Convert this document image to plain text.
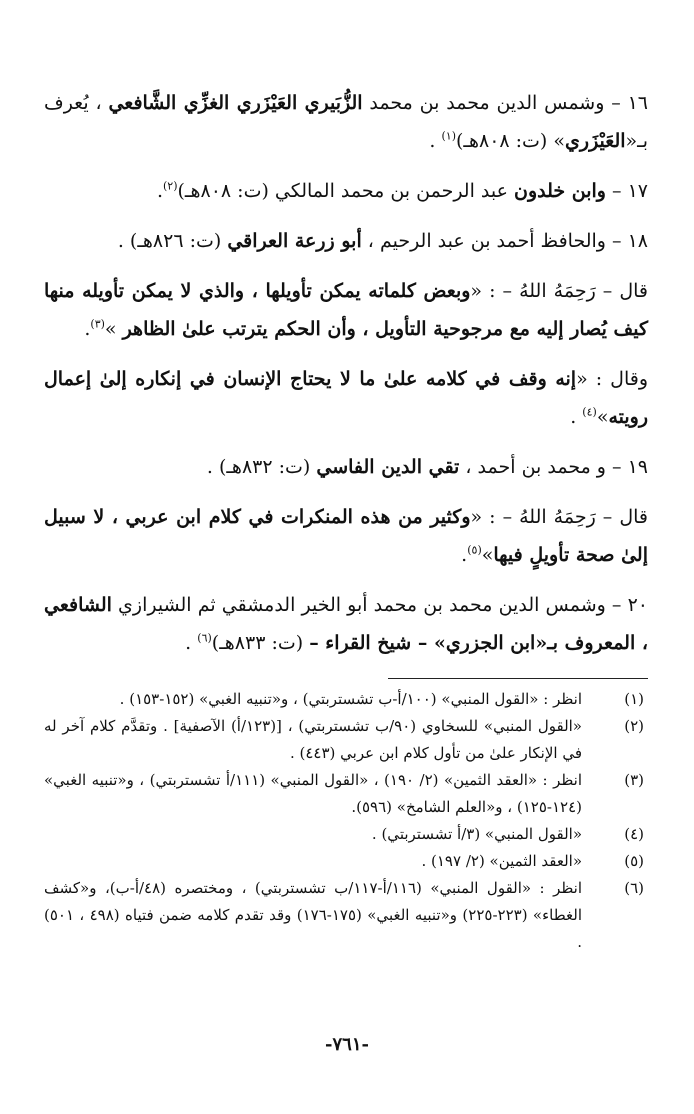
١٦ – وشمس الدين محمد بن محمد الزُّبَيري العَيْزَري الغزِّي الشَّافعي ، يُعرف بـ«العَيْزَري» (ت: ٨٠٨هـ)$^{(١)}$ .

١٧ – وابن خلدون عبد الرحمن بن محمد المالكي (ت: ٨٠٨هـ)$^{(٢)}$.

١٨ – والحافظ أحمد بن عبد الرحيم ، أبو زرعة العراقي (ت: ٨٢٦هـ) .

قال – رَحِمَهُ اللهُ – : «وبعض كلماته يمكن تأويلها ، والذي لا يمكن تأويله منها كيف يُصار إليه مع مرجوحية التأويل ، وأن الحكم يترتب علىٰ الظاهر »$^{(٣)}$.

وقال : «إنه وقف في كلامه علىٰ ما لا يحتاج الإنسان في إنكاره إلىٰ إعمال رويته»$^{(٤)}$ .

١٩ – و محمد بن أحمد ، تقي الدين الفاسي (ت: ٨٣٢هـ) .

قال – رَحِمَهُ اللهُ – : «وكثير من هذه المنكرات في كلام ابن عربي ، لا سبيل إلىٰ صحة تأويلٍ فيها»$^{(٥)}$.

٢٠ – وشمس الدين محمد بن محمد أبو الخير الدمشقي ثم الشيرازي الشافعي ، المعروف بـ«ابن الجزري» – شيخ القراء – (ت: ٨٣٣هـ)$^{(٦)}$ .

(١)
انظر : «القول المنبي» (١٠٠/أ-ب تشستربتي) ، و«تنبيه الغبي» (١٥٢-١٥٣) .
(٢)
«القول المنبي» للسخاوي (٩٠/ب تشستربتي) ، [(١٢٣/أ) الآصفية] . وتقدَّم كلام آخر له في الإنكار علىٰ من تأول كلام ابن عربي (٤٤٣) .
(٣)
انظر : «العقد الثمين» (٢/ ١٩٠) ، «القول المنبي» (١١١/أ تشستربتي) ، و«تنبيه الغبي» (١٢٤-١٢٥) ، و«العلم الشامخ» (٥٩٦).
(٤)
«القول المنبي» (٣/أ تشستربتي) .
(٥)
«العقد الثمين» (٢/ ١٩٧) .
(٦)
انظر : «القول المنبي» (١١٦/أ-١١٧/ب تشستربتي) ، ومختصره (٤٨/أ-ب)، و«كشف الغطاء» (٢٢٣-٢٢٥) و«تنبيه الغبي» (١٧٥-١٧٦) وقد تقدم كلامه ضمن فتياه (٤٩٨ ، ٥٠١) .
-٧٦١-
